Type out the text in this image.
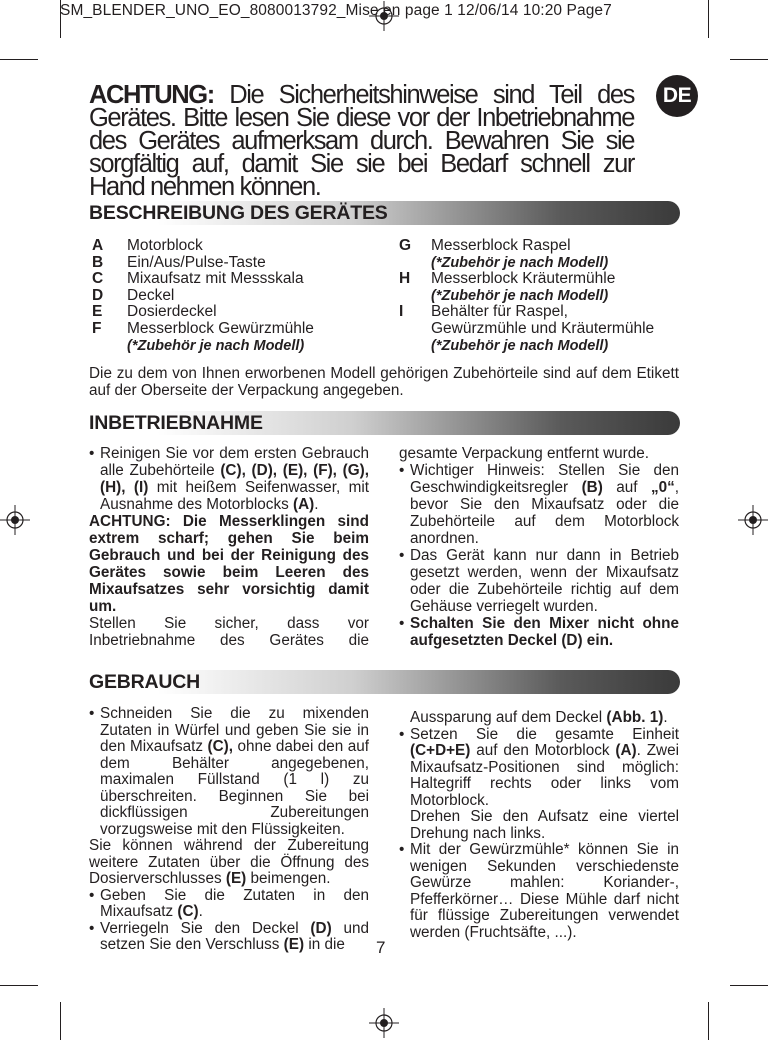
SM_BLENDER_UNO_EO_8080013792_Mise en page 1 12/06/14 10:20 Page7
DE
ACHTUNG: Die Sicherheitshinweise sind Teil des Gerätes. Bitte lesen Sie diese vor der Inbetriebnahme des Gerätes aufmerksam durch. Bewahren Sie sie sorgfältig auf, damit Sie sie bei Bedarf schnell zur Hand nehmen können.
BESCHREIBUNG DES GERÄTES
A	Motorblock
B	Ein/Aus/Pulse-Taste
C	Mixaufsatz mit Messskala
D	Deckel
E	Dosierdeckel
F	Messerblock Gewürzmühle
(*Zubehör je nach Modell)
G	Messerblock Raspel
(*Zubehör je nach Modell)
H	Messerblock Kräutermühle
(*Zubehör je nach Modell)
I	Behälter für Raspel,
Gewürzmühle und Kräutermühle
(*Zubehör je nach Modell)
Die zu dem von Ihnen erworbenen Modell gehörigen Zubehörteile sind auf dem Etikett auf der Oberseite der Verpackung angegeben.
INBETRIEBNAHME

• Reinigen Sie vor dem ersten Gebrauch alle Zubehörteile (C), (D), (E), (F), (G), (H), (I) mit heißem Seifenwasser, mit Ausnahme des Motorblocks (A).

ACHTUNG: Die Messerklingen sind extrem scharf; gehen Sie beim Gebrauch und bei der Reinigung des Gerätes sowie beim Leeren des Mixaufsatzes sehr vorsichtig damit um.

Stellen Sie sicher, dass vor Inbetriebnahme des Gerätes die

gesamte Verpackung entfernt wurde.

• Wichtiger Hinweis: Stellen Sie den Geschwindigkeitsregler (B) auf „0“, bevor Sie den Mixaufsatz oder die Zubehörteile auf dem Motorblock anordnen.

• Das Gerät kann nur dann in Betrieb gesetzt werden, wenn der Mixaufsatz oder die Zubehörteile richtig auf dem Gehäuse verriegelt wurden.

• Schalten Sie den Mixer nicht ohne aufgesetzten Deckel (D) ein.

GEBRAUCH

• Schneiden Sie die zu mixenden Zutaten in Würfel und geben Sie sie in den Mixaufsatz (C), ohne dabei den auf dem Behälter angegebenen, maximalen Füllstand (1 l) zu überschreiten. Beginnen Sie bei dickflüssigen Zubereitungen vorzugsweise mit den Flüssigkeiten.

Sie können während der Zubereitung weitere Zutaten über die Öffnung des Dosierverschlusses (E) beimengen.

• Geben Sie die Zutaten in den Mixaufsatz (C).

• Verriegeln Sie den Deckel (D) und setzen Sie den Verschluss (E) in die

Aussparung auf dem Deckel (Abb. 1).

• Setzen Sie die gesamte Einheit (C+D+E) auf den Motorblock (A). Zwei Mixaufsatz-Positionen sind möglich: Haltegriff rechts oder links vom Motorblock.

Drehen Sie den Aufsatz eine viertel Drehung nach links.

• Mit der Gewürzmühle* können Sie in wenigen Sekunden verschiedenste Gewürze mahlen: Koriander-, Pfefferkörner… Diese Mühle darf nicht für flüssige Zubereitungen verwendet werden (Fruchtsäfte, ...).

7
